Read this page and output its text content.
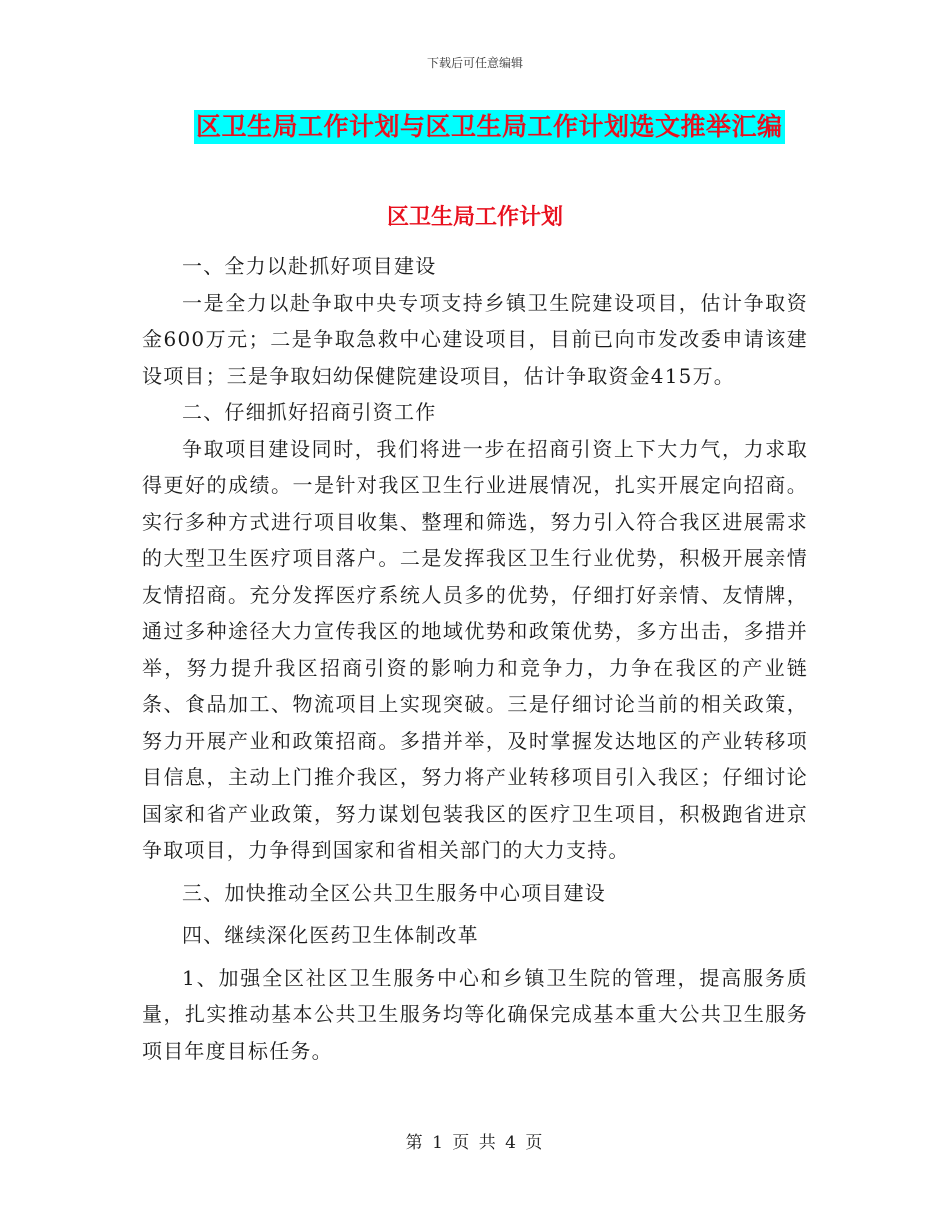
下载后可任意编辑
区卫生局工作计划与区卫生局工作计划选文推举汇编
区卫生局工作计划

一、全力以赴抓好项目建设

一是全力以赴争取中央专项支持乡镇卫生院建设项目，估计争取资金600万元；二是争取急救中心建设项目，目前已向市发改委申请该建设项目；三是争取妇幼保健院建设项目，估计争取资金415万。

二、仔细抓好招商引资工作

争取项目建设同时，我们将进一步在招商引资上下大力气，力求取得更好的成绩。一是针对我区卫生行业进展情况，扎实开展定向招商。实行多种方式进行项目收集、整理和筛选，努力引入符合我区进展需求的大型卫生医疗项目落户。二是发挥我区卫生行业优势，积极开展亲情友情招商。充分发挥医疗系统人员多的优势，仔细打好亲情、友情牌，通过多种途径大力宣传我区的地域优势和政策优势，多方出击，多措并举，努力提升我区招商引资的影响力和竞争力，力争在我区的产业链条、食品加工、物流项目上实现突破。三是仔细讨论当前的相关政策，努力开展产业和政策招商。多措并举，及时掌握发达地区的产业转移项目信息，主动上门推介我区，努力将产业转移项目引入我区；仔细讨论国家和省产业政策，努力谋划包装我区的医疗卫生项目，积极跑省进京争取项目，力争得到国家和省相关部门的大力支持。

三、加快推动全区公共卫生服务中心项目建设

四、继续深化医药卫生体制改革

1、加强全区社区卫生服务中心和乡镇卫生院的管理，提高服务质量，扎实推动基本公共卫生服务均等化确保完成基本重大公共卫生服务项目年度目标任务。

第 1 页 共 4 页
